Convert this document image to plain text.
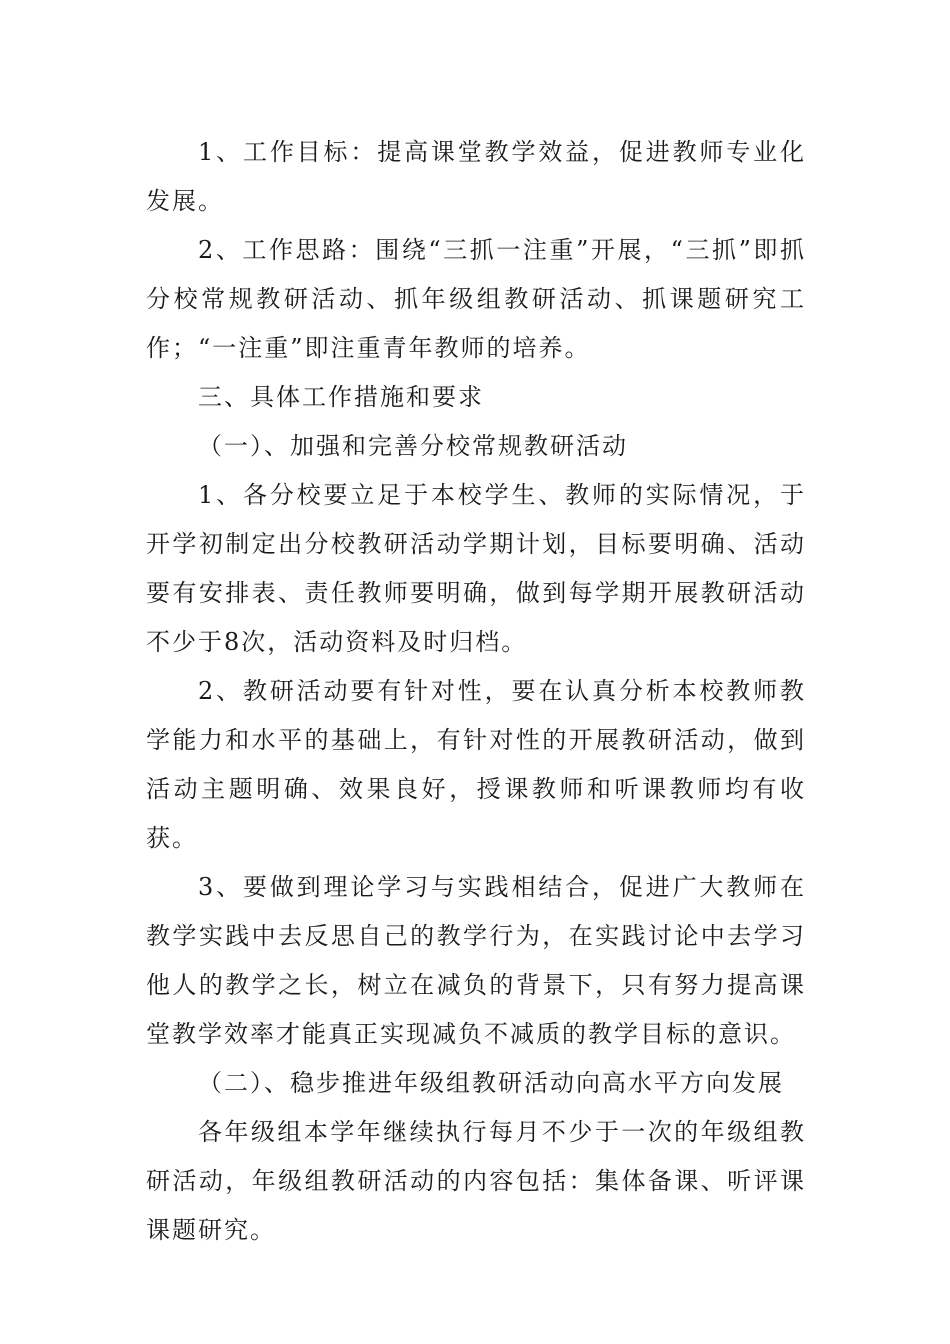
1、工作目标：提高课堂教学效益，促进教师专业化发展。

2、工作思路：围绕“三抓一注重”开展，“三抓”即抓分校常规教研活动、抓年级组教研活动、抓课题研究工作；“一注重”即注重青年教师的培养。

三、具体工作措施和要求

（一）、加强和完善分校常规教研活动

1、各分校要立足于本校学生、教师的实际情况，于开学初制定出分校教研活动学期计划，目标要明确、活动要有安排表、责任教师要明确，做到每学期开展教研活动不少于8次，活动资料及时归档。

2、教研活动要有针对性，要在认真分析本校教师教学能力和水平的基础上，有针对性的开展教研活动，做到活动主题明确、效果良好，授课教师和听课教师均有收获。

3、要做到理论学习与实践相结合，促进广大教师在教学实践中去反思自己的教学行为，在实践讨论中去学习他人的教学之长，树立在减负的背景下，只有努力提高课堂教学效率才能真正实现减负不减质的教学目标的意识。

（二）、稳步推进年级组教研活动向高水平方向发展

各年级组本学年继续执行每月不少于一次的年级组教研活动，年级组教研活动的内容包括：集体备课、听评课课题研究。
